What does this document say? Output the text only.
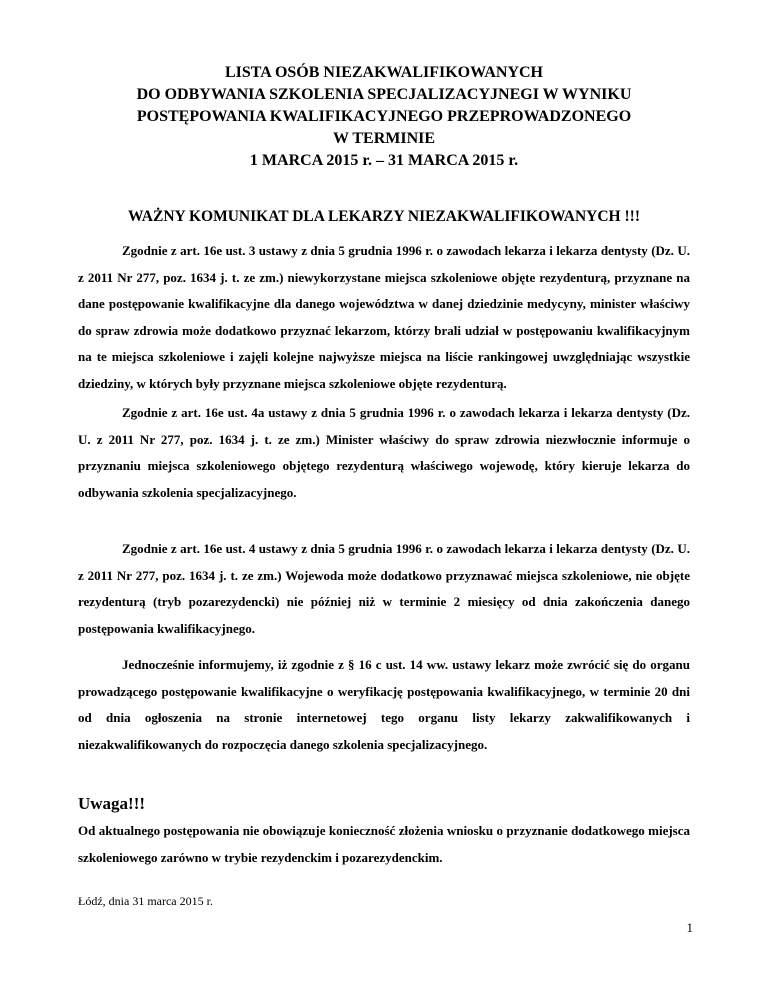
LISTA OSÓB NIEZAKWALIFIKOWANYCH
DO ODBYWANIA SZKOLENIA SPECJALIZACYJNEGI W WYNIKU
POSTĘPOWANIA KWALIFIKACYJNEGO PRZEPROWADZONEGO
W TERMINIE
1 MARCA 2015 r. – 31 MARCA 2015 r.
WAŻNY KOMUNIKAT DLA LEKARZY NIEZAKWALIFIKOWANYCH !!!
Zgodnie z art. 16e ust. 3 ustawy z dnia 5 grudnia 1996 r. o zawodach lekarza i lekarza dentysty (Dz. U. z 2011 Nr 277, poz. 1634 j. t. ze zm.) niewykorzystane miejsca szkoleniowe objęte rezydenturą, przyznane na dane postępowanie kwalifikacyjne dla danego województwa w danej dziedzinie medycyny, minister właściwy do spraw zdrowia może dodatkowo przyznać lekarzom, którzy brali udział w postępowaniu kwalifikacyjnym na te miejsca szkoleniowe i zajęli kolejne najwyższe miejsca na liście rankingowej uwzględniając wszystkie dziedziny, w których były przyznane miejsca szkoleniowe objęte rezydenturą.
Zgodnie z art. 16e ust. 4a ustawy z dnia 5 grudnia 1996 r. o zawodach lekarza i lekarza dentysty (Dz. U. z 2011 Nr 277, poz. 1634 j. t. ze zm.) Minister właściwy do spraw zdrowia niezwłocznie informuje o przyznaniu miejsca szkoleniowego objętego rezydenturą właściwego wojewodę, który kieruje lekarza do odbywania szkolenia specjalizacyjnego.
Zgodnie z art. 16e ust. 4 ustawy z dnia 5 grudnia 1996 r. o zawodach lekarza i lekarza dentysty (Dz. U. z 2011 Nr 277, poz. 1634 j. t. ze zm.) Wojewoda może dodatkowo przyznawać miejsca szkoleniowe, nie objęte rezydenturą (tryb pozarezydencki) nie później niż w terminie 2 miesięcy od dnia zakończenia danego postępowania kwalifikacyjnego.
Jednocześnie informujemy, iż zgodnie z § 16 c ust. 14 ww. ustawy lekarz może zwrócić się do organu prowadzącego postępowanie kwalifikacyjne o weryfikację postępowania kwalifikacyjnego, w terminie 20 dni od dnia ogłoszenia na stronie internetowej tego organu listy lekarzy zakwalifikowanych i niezakwalifikowanych do rozpoczęcia danego szkolenia specjalizacyjnego.
Uwaga!!!
Od aktualnego postępowania nie obowiązuje konieczność złożenia wniosku o przyznanie dodatkowego miejsca szkoleniowego zarówno w trybie rezydenckim i pozarezydenckim.
Łódź, dnia 31 marca 2015 r.
1
